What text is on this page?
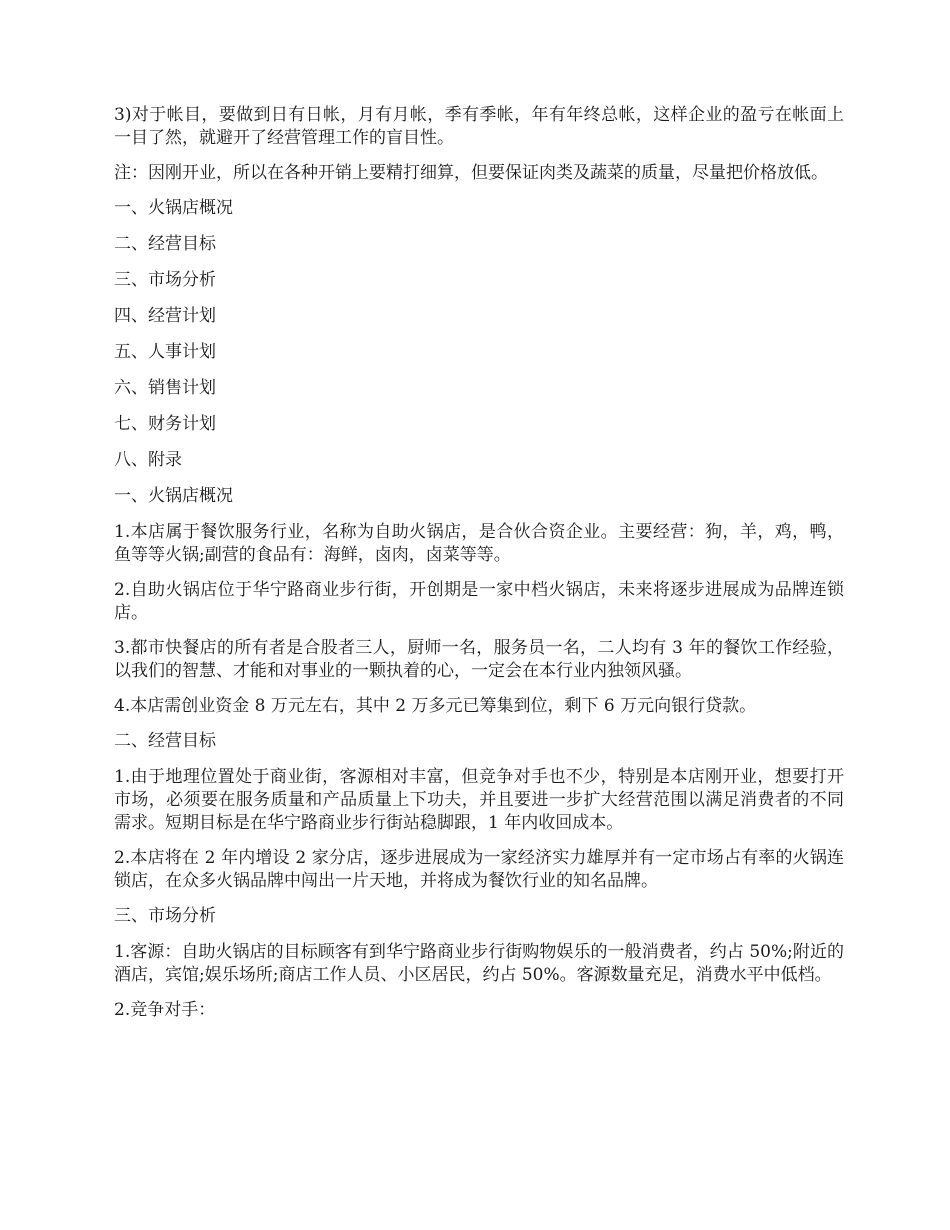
3)对于帐目，要做到日有日帐，月有月帐，季有季帐，年有年终总帐，这样企业的盈亏在帐面上一目了然，就避开了经营管理工作的盲目性。

注：因刚开业，所以在各种开销上要精打细算，但要保证肉类及蔬菜的质量，尽量把价格放低。

一、火锅店概况

二、经营目标

三、市场分析

四、经营计划

五、人事计划

六、销售计划

七、财务计划

八、附录

一、火锅店概况

1.本店属于餐饮服务行业，名称为自助火锅店，是合伙合资企业。主要经营：狗，羊，鸡，鸭，鱼等等火锅;副营的食品有：海鲜，卤肉，卤菜等等。

2.自助火锅店位于华宁路商业步行街，开创期是一家中档火锅店，未来将逐步进展成为品牌连锁店。

3.都市快餐店的所有者是合股者三人，厨师一名，服务员一名，二人均有 3 年的餐饮工作经验，以我们的智慧、才能和对事业的一颗执着的心，一定会在本行业内独领风骚。

4.本店需创业资金 8 万元左右，其中 2 万多元已筹集到位，剩下 6 万元向银行贷款。

二、经营目标

1.由于地理位置处于商业街，客源相对丰富，但竞争对手也不少，特别是本店刚开业，想要打开市场，必须要在服务质量和产品质量上下功夫，并且要进一步扩大经营范围以满足消费者的不同需求。短期目标是在华宁路商业步行街站稳脚跟，1 年内收回成本。

2.本店将在 2 年内增设 2 家分店，逐步进展成为一家经济实力雄厚并有一定市场占有率的火锅连锁店，在众多火锅品牌中闯出一片天地，并将成为餐饮行业的知名品牌。

三、市场分析

1.客源：自助火锅店的目标顾客有到华宁路商业步行街购物娱乐的一般消费者，约占 50%;附近的酒店，宾馆;娱乐场所;商店工作人员、小区居民，约占 50%。客源数量充足，消费水平中低档。

2.竞争对手：
